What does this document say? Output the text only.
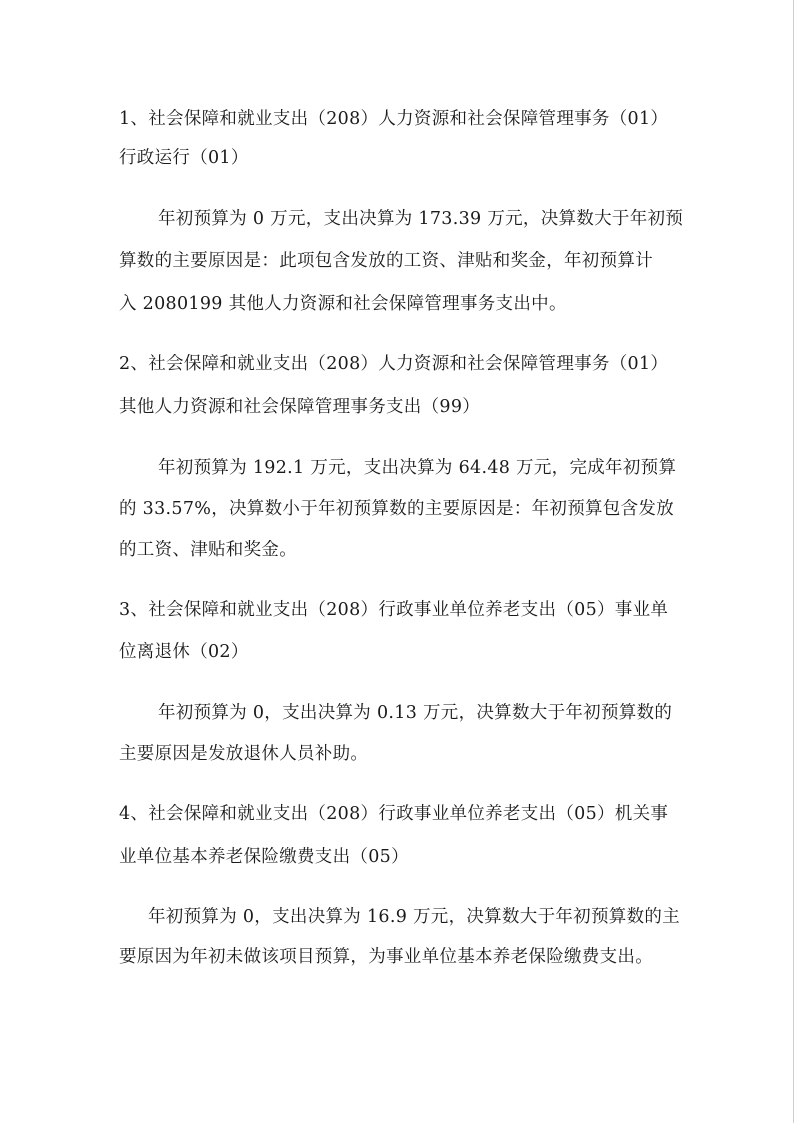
1、社会保障和就业支出（208）人力资源和社会保障管理事务（01）
行政运行（01）
年初预算为 0 万元，支出决算为 173.39 万元，决算数大于年初预
算数的主要原因是：此项包含发放的工资、津贴和奖金，年初预算计
入 2080199 其他人力资源和社会保障管理事务支出中。
2、社会保障和就业支出（208）人力资源和社会保障管理事务（01）
其他人力资源和社会保障管理事务支出（99）
年初预算为 192.1 万元，支出决算为 64.48 万元，完成年初预算
的 33.57%，决算数小于年初预算数的主要原因是：年初预算包含发放
的工资、津贴和奖金。
3、社会保障和就业支出（208）行政事业单位养老支出（05）事业单
位离退休（02）
年初预算为 0，支出决算为 0.13 万元，决算数大于年初预算数的
主要原因是发放退休人员补助。
4、社会保障和就业支出（208）行政事业单位养老支出（05）机关事
业单位基本养老保险缴费支出（05）
年初预算为 0，支出决算为 16.9 万元，决算数大于年初预算数的主
要原因为年初未做该项目预算，为事业单位基本养老保险缴费支出。
